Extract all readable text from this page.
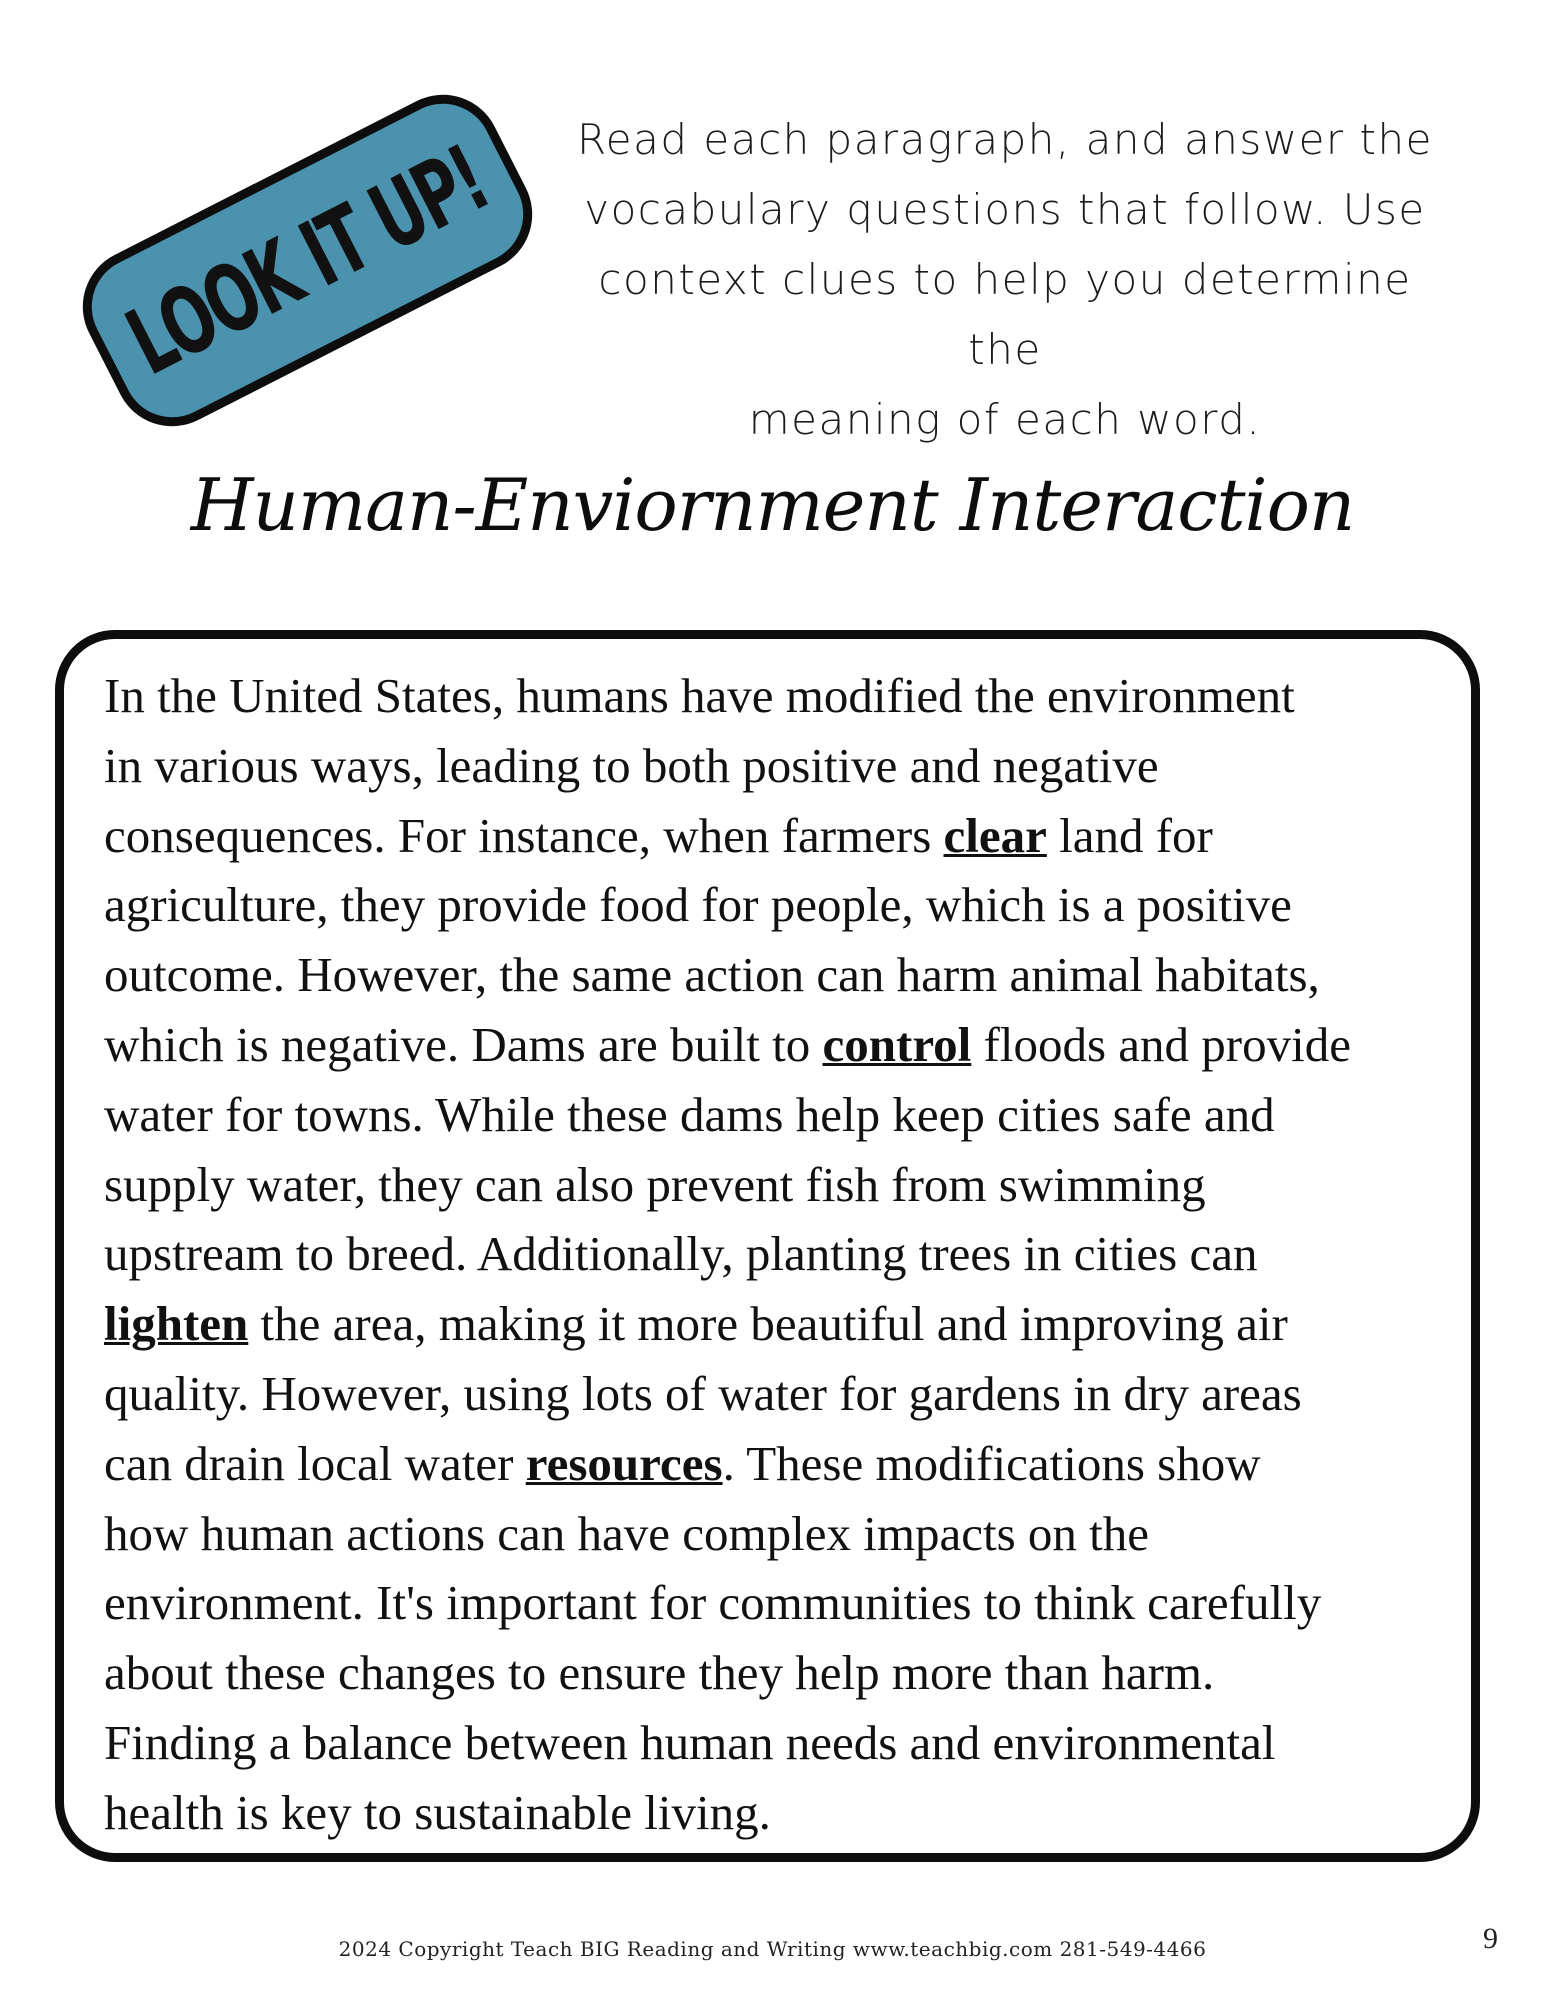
LOOK IT UP! Read each paragraph, and answer the
vocabulary questions that follow. Use
context clues to help you determine the
meaning of each word.
Human-Enviornment Interaction
In the United States, humans have modified the environment
in various ways, leading to both positive and negative
consequences. For instance, when farmers clear land for
agriculture, they provide food for people, which is a positive
outcome. However, the same action can harm animal habitats,
which is negative. Dams are built to control floods and provide
water for towns. While these dams help keep cities safe and
supply water, they can also prevent fish from swimming
upstream to breed. Additionally, planting trees in cities can
lighten the area, making it more beautiful and improving air
quality. However, using lots of water for gardens in dry areas
can drain local water resources. These modifications show
how human actions can have complex impacts on the
environment. It's important for communities to think carefully
about these changes to ensure they help more than harm.
Finding a balance between human needs and environmental
health is key to sustainable living.
2024 Copyright Teach BIG Reading and Writing www.teachbig.com 281-549-4466	9
